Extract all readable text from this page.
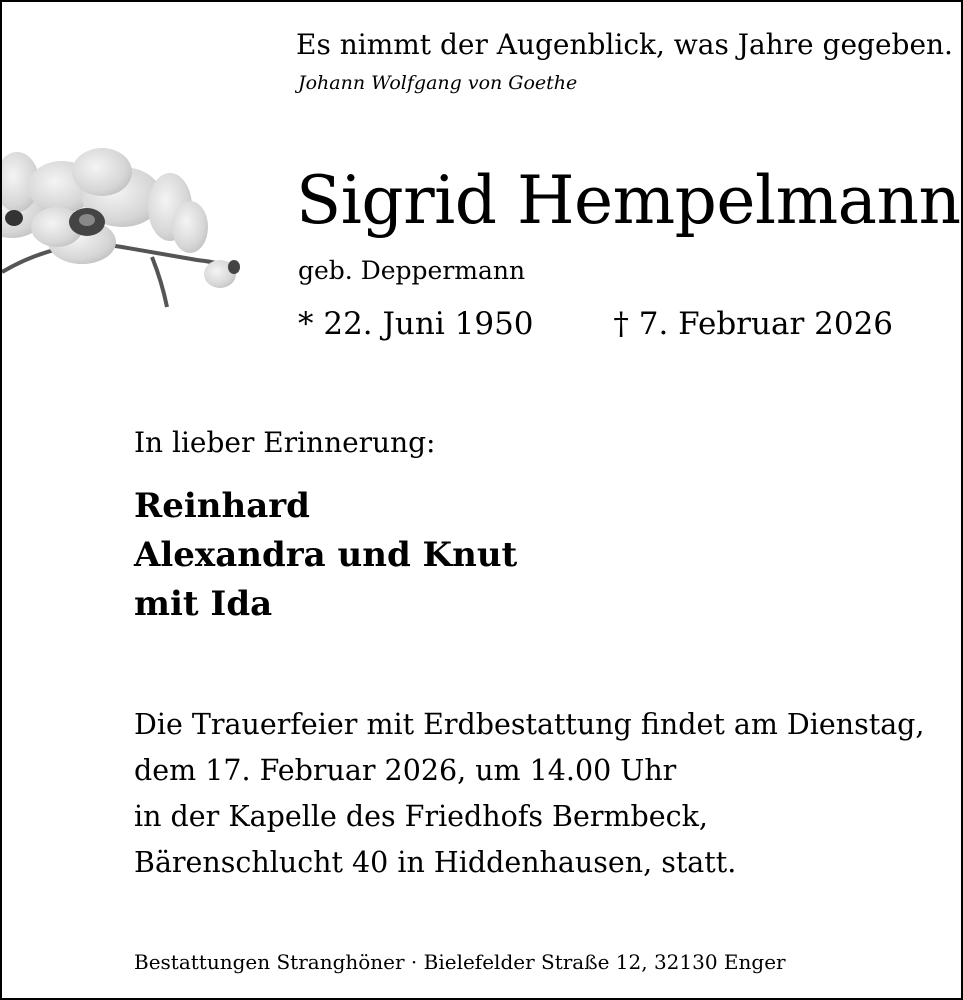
Es nimmt der Augenblick, was Jahre gegeben.
Johann Wolfgang von Goethe
Sigrid Hempelmann
geb. Deppermann
* 22. Juni 1950	† 7. Februar 2026
In lieber Erinnerung:
Reinhard
Alexandra und Knut
mit Ida
Die Trauerfeier mit Erdbestattung findet am Dienstag,
dem 17. Februar 2026, um 14.00 Uhr
in der Kapelle des Friedhofs Bermbeck,
Bärenschlucht 40 in Hiddenhausen, statt.
Bestattungen Stranghöner · Bielefelder Straße 12, 32130 Enger
